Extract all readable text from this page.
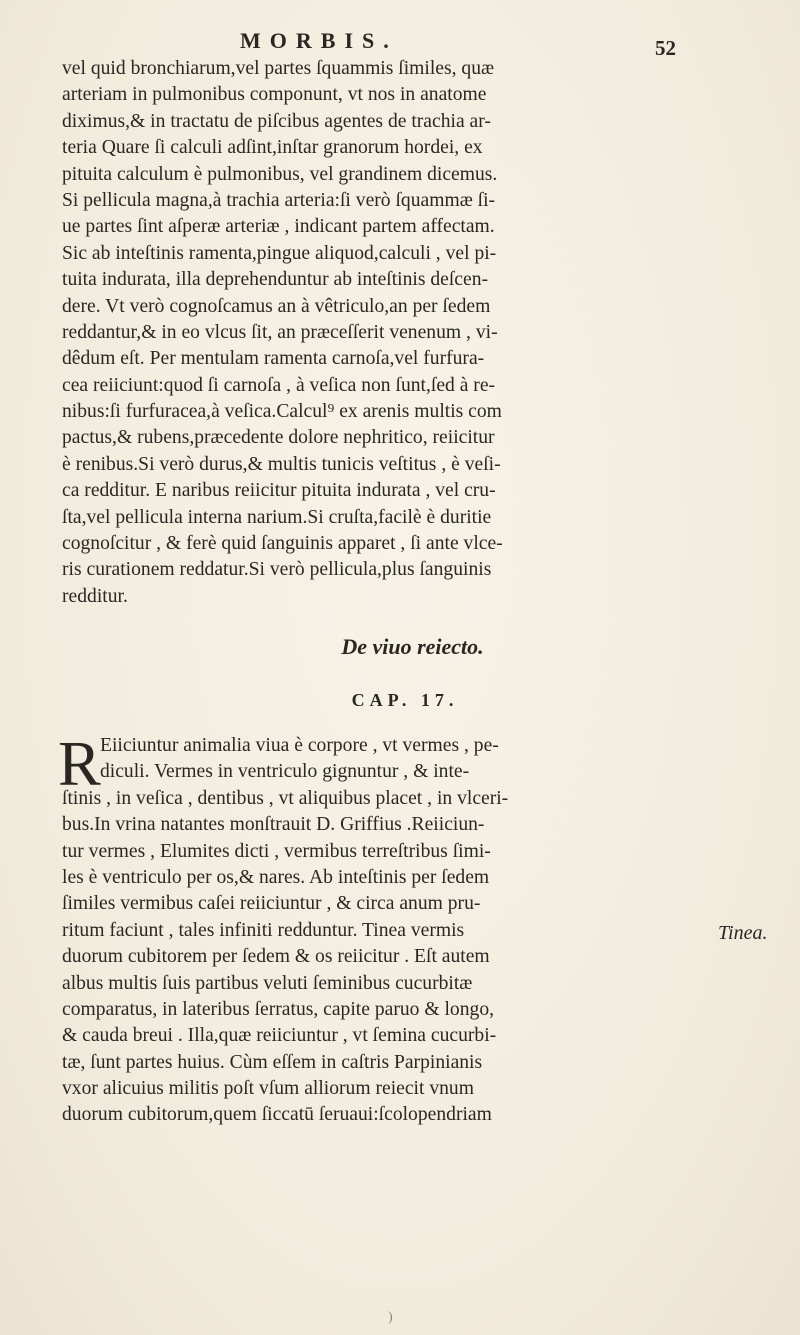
MORBIS.	52
vel quid bronchiarum,vel partes ſquammis ſimiles, quæ
arteriam in pulmonibus componunt, vt nos in anatome
diximus,& in tractatu de piſcibus agentes de trachia ar-
teria Quare ſi calculi adſint,inſtar granorum hordei, ex
pituita calculum è pulmonibus, vel grandinem dicemus.
Si pellicula magna,à trachia arteria:ſi verò ſquammæ ſi-
ue partes ſint aſperæ arteriæ , indicant partem affectam.
Sic ab inteſtinis ramenta,pingue aliquod,calculi , vel pi-
tuita indurata, illa deprehenduntur ab inteſtinis deſcen-
dere. Vt verò cognoſcamus an à vêtriculo,an per ſedem
reddantur,& in eo vlcus ſit, an præceſſerit venenum , vi-
dêdum eſt. Per mentulam ramenta carnoſa,vel furfura-
cea reiiciunt:quod ſi carnoſa , à veſica non ſunt,ſed à re-
nibus:ſi furfuracea,à veſica.Calcul⁹ ex arenis multis com
pactus,& rubens,præcedente dolore nephritico, reiicitur
è renibus.Si verò durus,& multis tunicis veſtitus , è veſi-
ca redditur. E naribus reiicitur pituita indurata , vel cru-
ſta,vel pellicula interna narium.Si cruſta,facilè è duritie
cognoſcitur , & ferè quid ſanguinis apparet , ſi ante vlce-
ris curationem reddatur.Si verò pellicula,plus ſanguinis
redditur.
De viuo reiecto.
CAP. 17.
R Eiiciuntur animalia viua è corpore , vt vermes , pe-
diculi. Vermes in ventriculo gignuntur , & inte-
ſtinis , in veſica , dentibus , vt aliquibus placet , in vlceri-
bus.In vrina natantes monſtrauit D. Griffius .Reiiciun-
tur vermes , Elumites dicti , vermibus terreſtribus ſimi-
les è ventriculo per os,& nares. Ab inteſtinis per ſedem
ſimiles vermibus caſei reiiciuntur , & circa anum pru-
ritum faciunt , tales infiniti redduntur. Tinea vermis
duorum cubitorem per ſedem & os reiicitur . Eſt autem
albus multis ſuis partibus veluti ſeminibus cucurbitæ
comparatus, in lateribus ſerratus, capite paruo & longo,
& cauda breui . Illa,quæ reiiciuntur , vt ſemina cucurbi-
tæ, ſunt partes huius. Cùm eſſem in caſtris Parpinianis
vxor alicuius militis poſt vſum alliorum reiecit vnum
duorum cubitorum,quem ſiccatū ſeruaui:ſcolopendriam
Tinea.
)
